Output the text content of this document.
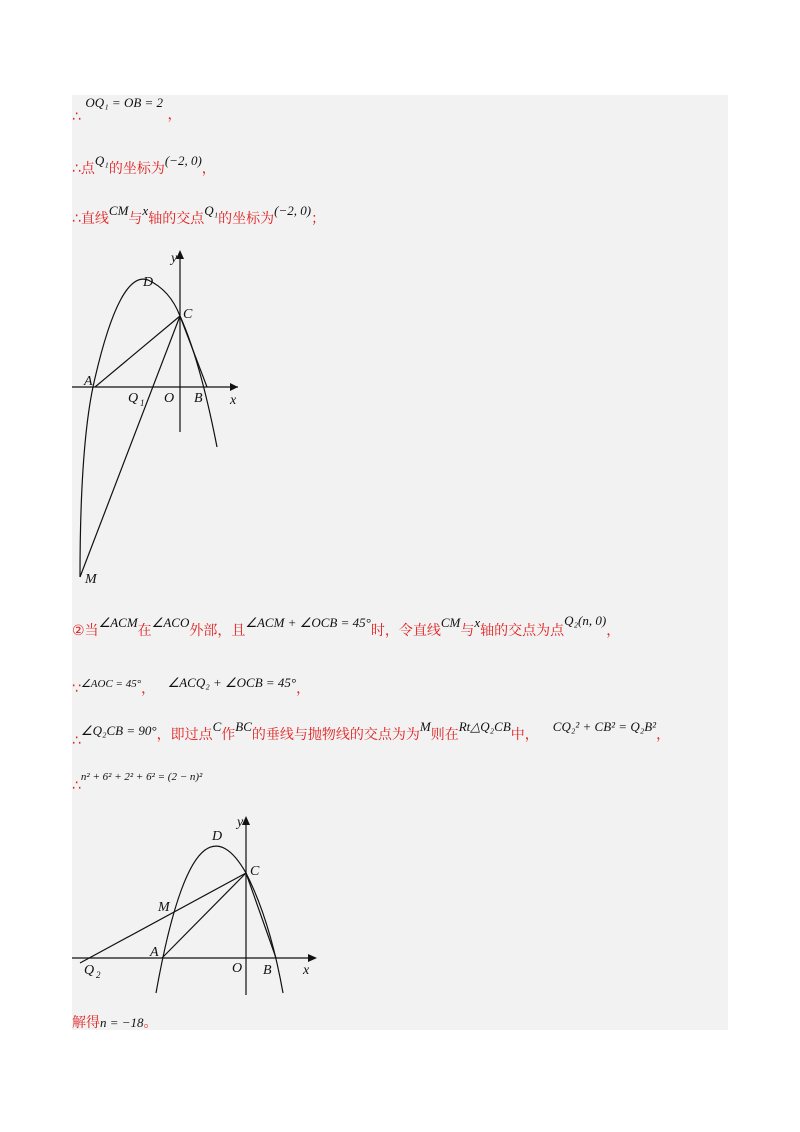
∴ OQ₁ = OB = 2 ，
∴点Q₁的坐标为(−2, 0)，
∴直线CM与x轴的交点Q₁的坐标为(−2, 0)；
y
x
D
C
A
Q 1 O B
M
②当∠ACM在∠ACO外部，且∠ACM + ∠OCB = 45°时，令直线CM与x轴的交点为点Q₂(n, 0)，
∵∠AOC = 45°， ∠ACQ₂ + ∠OCB = 45°，
∴∠Q₂CB = 90°，即过点C作BC的垂线与抛物线的交点为为M则在Rt△Q₂CB中，CQ₂² + CB² = Q₂B²，
∴n² + 6² + 2² + 6² = (2 − n)²
y
x
D
C
M
A
Q 2	O B
解得n = −18。
